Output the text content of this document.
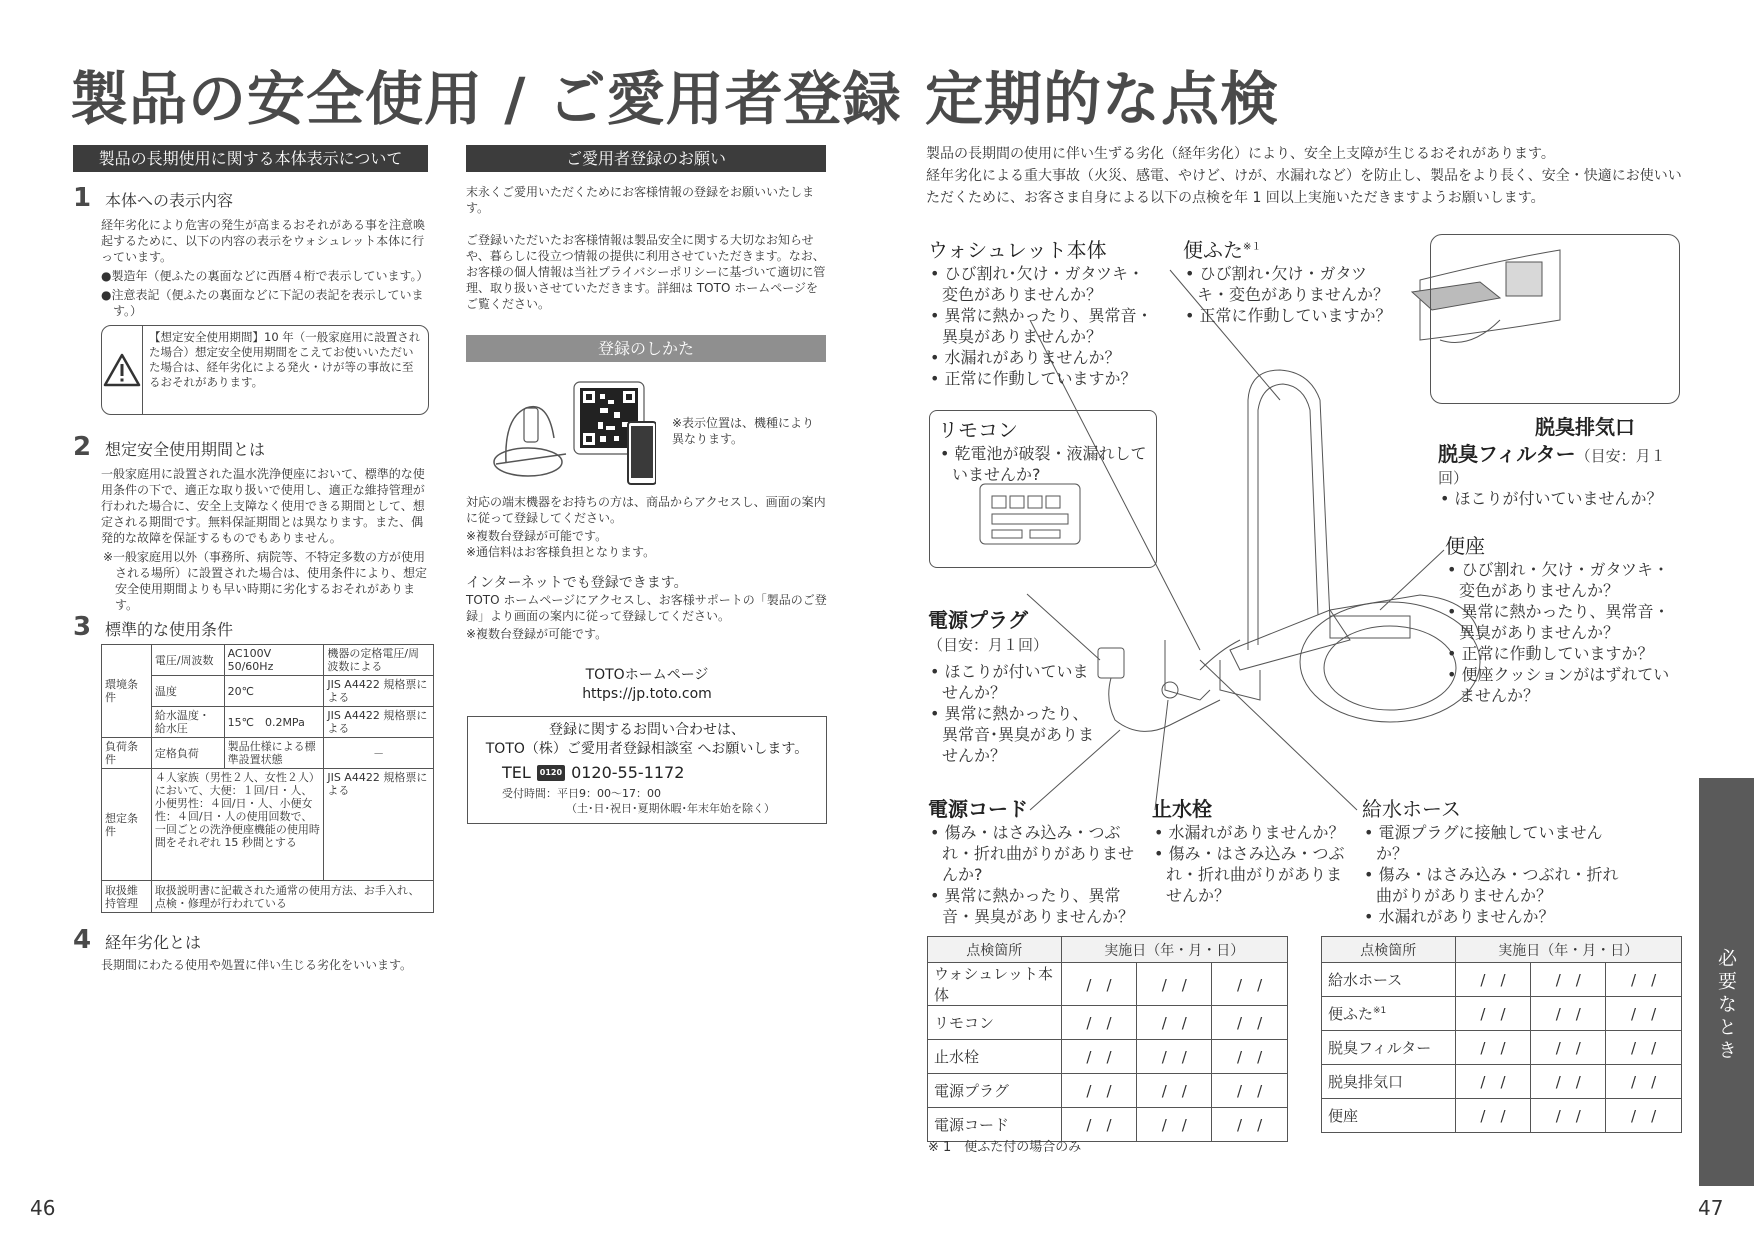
製品の安全使用 / ご愛用者登録
製品の長期使用に関する本体表示について
1 本体への表示内容

経年劣化により危害の発生が高まるおそれがある事を注意喚起するために、以下の内容の表示をウォシュレット本体に行っています。

●製造年（便ふたの裏面などに西暦４桁で表示しています。）

●注意表記（便ふたの裏面などに下記の表記を表示しています。）

【想定安全使用期間】10 年（一般家庭用に設置された場合）想定安全使用期間をこえてお使いいただいた場合は、経年劣化による発火・けが等の事故に至るおそれがあります。
2 想定安全使用期間とは

一般家庭用に設置された温水洗浄便座において、標準的な使用条件の下で、適正な取り扱いで使用し、適正な維持管理が行われた場合に、安全上支障なく使用できる期間として、想定される期間です。無料保証期間とは異なります。また、偶発的な故障を保証するものでもありません。

※一般家庭用以外（事務所、病院等、不特定多数の方が使用される場所）に設置された場合は、使用条件により、想定安全使用期間よりも早い時期に劣化するおそれがあります。

3 標準的な使用条件
環境条件	電圧/周波数	AC100V 50/60Hz	機器の定格電圧/周波数による
	温度	20℃	JIS A4422 規格票による
	給水温度・給水圧	15℃　0.2MPa	JIS A4422 規格票による
負荷条件	定格負荷	製品仕様による標準設置状態	－
想定条件	４人家族（男性２人、女性２人）において、大便：１回/日・人、小便男性：４回/日・人、小便女性：４回/日・人の使用回数で、一回ごとの洗浄便座機能の使用時間をそれぞれ 15 秒間とする		JIS A4422 規格票による
取扱維持管理	取扱説明書に記載された通常の使用方法、お手入れ、点検・修理が行われている		
4 経年劣化とは
長期間にわたる使用や処置に伴い生じる劣化をいいます。
ご愛用者登録のお願い

末永くご愛用いただくためにお客様情報の登録をお願いいたします。

ご登録いただいたお客様情報は製品安全に関する大切なお知らせや、暮らしに役立つ情報の提供に利用させていただきます。なお、お客様の個人情報は当社プライバシーポリシーに基づいて適切に管理、取り扱いさせていただきます。詳細は TOTO ホームページをご覧ください。

登録のしかた
※表示位置は、機種により異なります。

対応の端末機器をお持ちの方は、商品からアクセスし、画面の案内に従って登録してください。

※複数台登録が可能です。

※通信料はお客様負担となります。

インターネットでも登録できます。

TOTO ホームページにアクセスし、お客様サポートの「製品のご登録」より画面の案内に従って登録してください。

※複数台登録が可能です。

TOTOホームページ
https://jp.toto.com
登録に関するお問い合わせは、
TOTO（株）ご愛用者登録相談室 へお願いします。
TEL	0120 0120-55-1172
受付時間：平日9：00～17：00
（土･日･祝日･夏期休暇･年末年始を除く）
46
定期的な点検

製品の長期間の使用に伴い生ずる劣化（経年劣化）により、安全上支障が生じるおそれがあります。

経年劣化による重大事故（火災、感電、やけど、けが、水漏れなど）を防止し、製品をより長く、安全・快適にお使いいただくために、お客さま自身による以下の点検を年 1 回以上実施いただきますようお願いします。

ウォシュレット本体
• ひび割れ･欠け・ガタツキ・変色がありませんか？
• 異常に熱かったり、異常音・異臭がありませんか？
• 水漏れがありませんか？
• 正常に作動していますか？
便ふた$^{※1}$
• ひび割れ･欠け・ガタツキ・変色がありませんか？
• 正常に作動していますか？
リモコン
• 乾電池が破裂・液漏れしていませんか?
脱臭排気口
脱臭フィルター（目安：月１回）
• ほこりが付いていませんか？
便座
• ひび割れ・欠け・ガタツキ・変色がありませんか？
• 異常に熱かったり、異常音・異臭がありませんか？
• 正常に作動していますか？
• 便座クッションがはずれていませんか？
電源プラグ
（目安：月１回）
• ほこりが付いていませんか？
• 異常に熱かったり、異常音･異臭がありませんか？
電源コード
• 傷み・はさみ込み・つぶれ・折れ曲がりがありませんか?
• 異常に熱かったり、異常音・異臭がありませんか？
止水栓
• 水漏れがありませんか？
• 傷み・はさみ込み・つぶれ・折れ曲がりがありませんか？
給水ホース
• 電源プラグに接触していませんか？
• 傷み・はさみ込み・つぶれ・折れ曲がりがありませんか？
• 水漏れがありませんか？
点検箇所	実施日（年・月・日）		
ウォシュレット本体	/　/	/　/	/　/
リモコン	/　/	/　/	/　/
止水栓	/　/	/　/	/　/
電源プラグ	/　/	/　/	/　/
電源コード	/　/	/　/	/　/
点検箇所	実施日（年・月・日）		
給水ホース	/　/	/　/	/　/
便ふた$^{※1}$	/　/	/　/	/　/
脱臭フィルター	/　/	/　/	/　/
脱臭排気口	/　/	/　/	/　/
便座	/　/	/　/	/　/
※ 1　便ふた付の場合のみ
必要なとき
47
